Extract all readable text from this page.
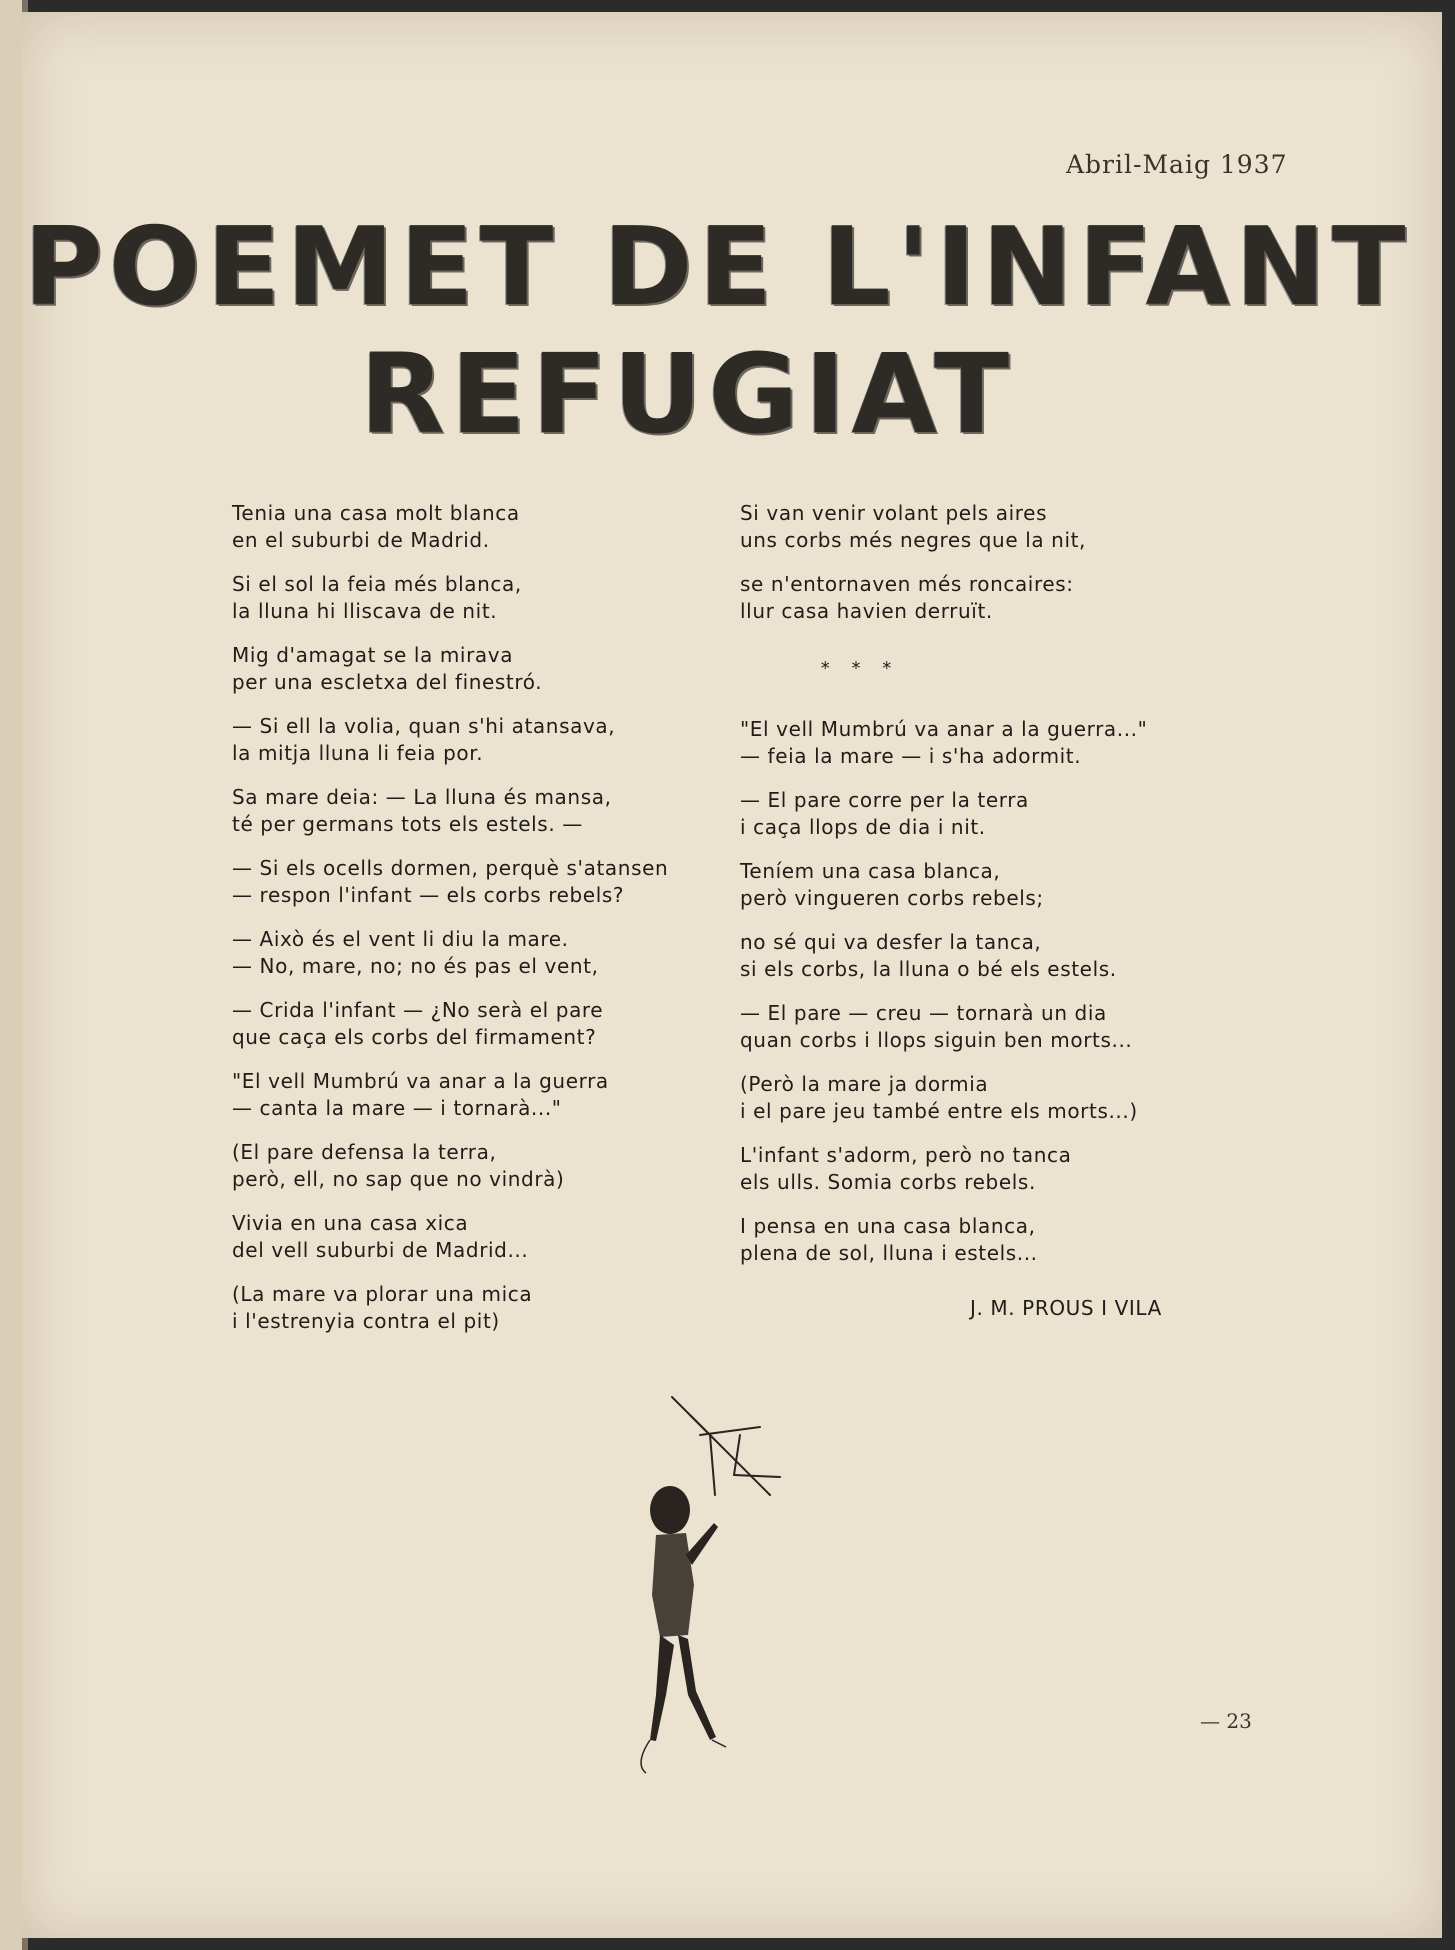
Abril-Maig 1937
POEMET DE L'INFANT
REFUGIAT
Tenia una casa molt blanca
en el suburbi de Madrid.
Si el sol la feia més blanca,
la lluna hi lliscava de nit.
Mig d'amagat se la mirava
per una escletxa del finestró.
— Si ell la volia, quan s'hi atansava,
la mitja lluna li feia por.
Sa mare deia: — La lluna és mansa,
té per germans tots els estels. —
— Si els ocells dormen, perquè s'atansen
— respon l'infant — els corbs rebels?
— Això és el vent li diu la mare.
— No, mare, no; no és pas el vent,
— Crida l'infant — ¿No serà el pare
que caça els corbs del firmament?
"El vell Mumbrú va anar a la guerra
— canta la mare — i tornarà..."
(El pare defensa la terra,
però, ell, no sap que no vindrà)
Vivia en una casa xica
del vell suburbi de Madrid...
(La mare va plorar una mica
i l'estrenyia contra el pit)
Si van venir volant pels aires
uns corbs més negres que la nit,
se n'entornaven més roncaires:
llur casa havien derruït.
* * *
"El vell Mumbrú va anar a la guerra..."
— feia la mare — i s'ha adormit.
— El pare corre per la terra
i caça llops de dia i nit.
Teníem una casa blanca,
però vingueren corbs rebels;
no sé qui va desfer la tanca,
si els corbs, la lluna o bé els estels.
— El pare — creu — tornarà un dia
quan corbs i llops siguin ben morts...
(Però la mare ja dormia
i el pare jeu també entre els morts...)
L'infant s'adorm, però no tanca
els ulls. Somia corbs rebels.
I pensa en una casa blanca,
plena de sol, lluna i estels...
J. M. PROUS I VILA
— 23
